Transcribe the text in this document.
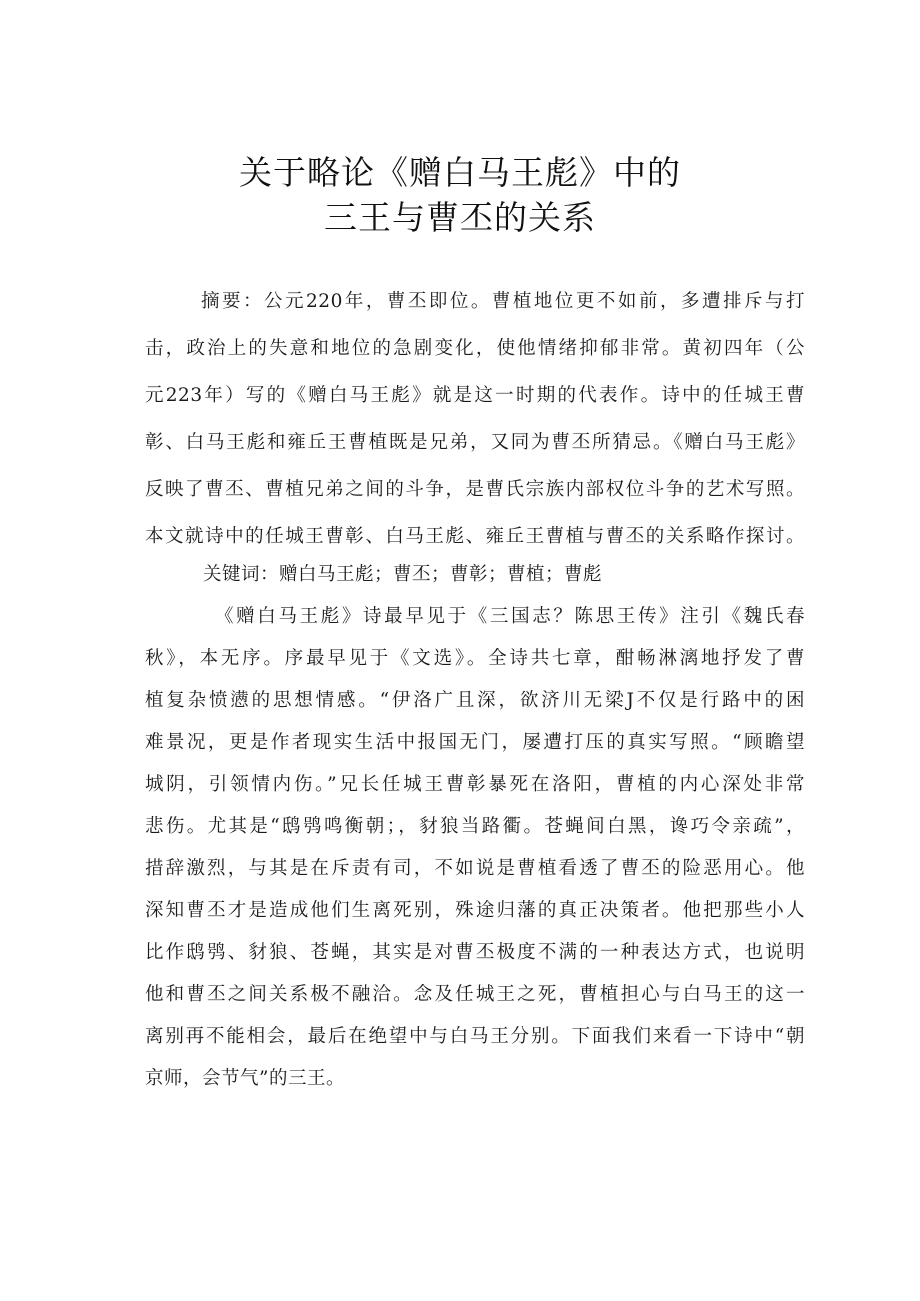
关于略论《赠白马王彪》中的
三王与曹丕的关系
摘要：公元220年，曹丕即位。曹植地位更不如前，多遭排斥与打
击，政治上的失意和地位的急剧变化，使他情绪抑郁非常。黄初四年（公
元223年）写的《赠白马王彪》就是这一时期的代表作。诗中的任城王曹
彰、白马王彪和雍丘王曹植既是兄弟，又同为曹丕所猜忌。《赠白马王彪》
反映了曹丕、曹植兄弟之间的斗争，是曹氏宗族内部权位斗争的艺术写照。
本文就诗中的任城王曹彰、白马王彪、雍丘王曹植与曹丕的关系略作探讨。
关键词：赠白马王彪；曹丕；曹彰；曹植；曹彪
《赠白马王彪》诗最早见于《三国志？陈思王传》注引《魏氏春
秋》，本无序。序最早见于《文选》。全诗共七章，酣畅淋漓地抒发了曹
植复杂愤懑的思想情感。“伊洛广且深，欲济川无梁J不仅是行路中的困
难景况，更是作者现实生活中报国无门，屡遭打压的真实写照。“顾瞻望
城阴，引领情内伤。”兄长任城王曹彰暴死在洛阳，曹植的内心深处非常
悲伤。尤其是“鸱鸮鸣衡朝；，豺狼当路衢。苍蝇间白黑，谗巧令亲疏”，
措辞激烈，与其是在斥责有司，不如说是曹植看透了曹丕的险恶用心。他
深知曹丕才是造成他们生离死别，殊途归藩的真正决策者。他把那些小人
比作鸱鸮、豺狼、苍蝇，其实是对曹丕极度不满的一种表达方式，也说明
他和曹丕之间关系极不融洽。念及任城王之死，曹植担心与白马王的这一
离别再不能相会，最后在绝望中与白马王分别。下面我们来看一下诗中“朝
京师，会节气”的三王。
